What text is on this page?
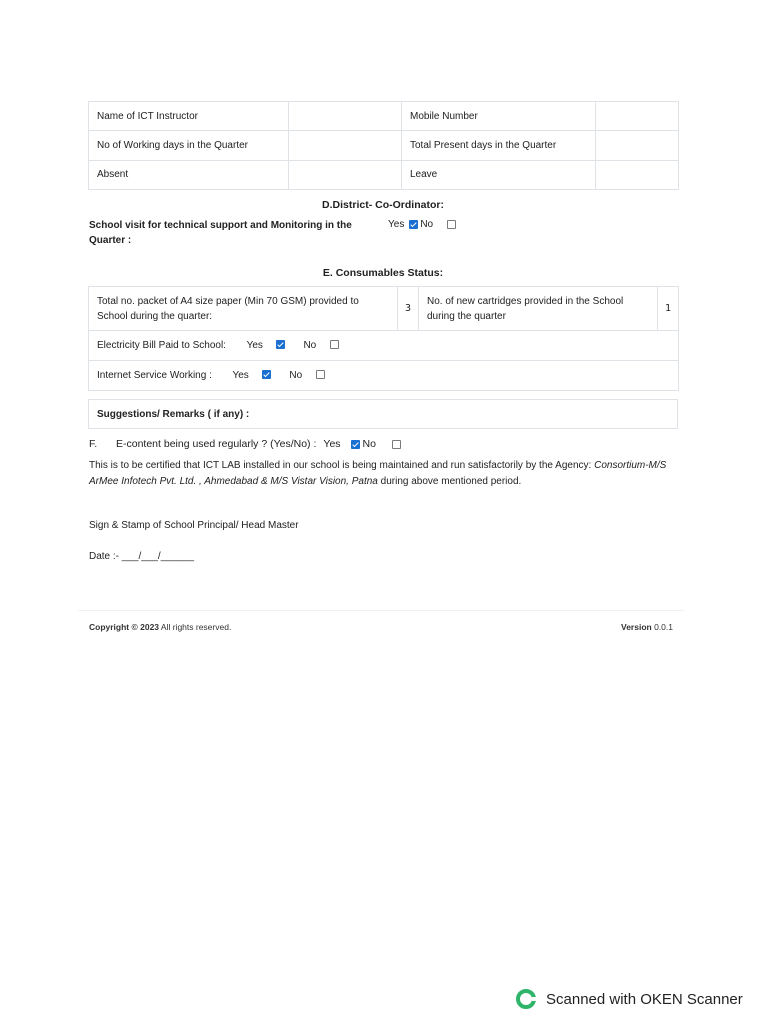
Name of ICT Instructor		Mobile Number	
No of Working days in the Quarter		Total Present days in the Quarter	
Absent		Leave	
D.District- Co-Ordinator:
School visit for technical support and Monitoring in the Quarter :
Yes No
E. Consumables Status:
Total no. packet of A4 size paper (Min 70 GSM) provided to School during the quarter:	3	No. of new cartridges provided in the School during the quarter	1
Electricity Bill Paid to School: Yes	No
Internet Service Working : Yes	No
Suggestions/ Remarks ( if any) :
F.	E-content being used regularly ? (Yes/No) : Yes No
This is to be certified that ICT LAB installed in our school is being maintained and run satisfactorily by the Agency: Consortium-M/S ArMee Infotech Pvt. Ltd. , Ahmedabad & M/S Vistar Vision, Patna during above mentioned period.
Sign & Stamp of School Principal/ Head Master
Date :- ___/___/______
Copyright © 2023 All rights reserved.	Version 0.0.1
Scanned with OKEN Scanner
